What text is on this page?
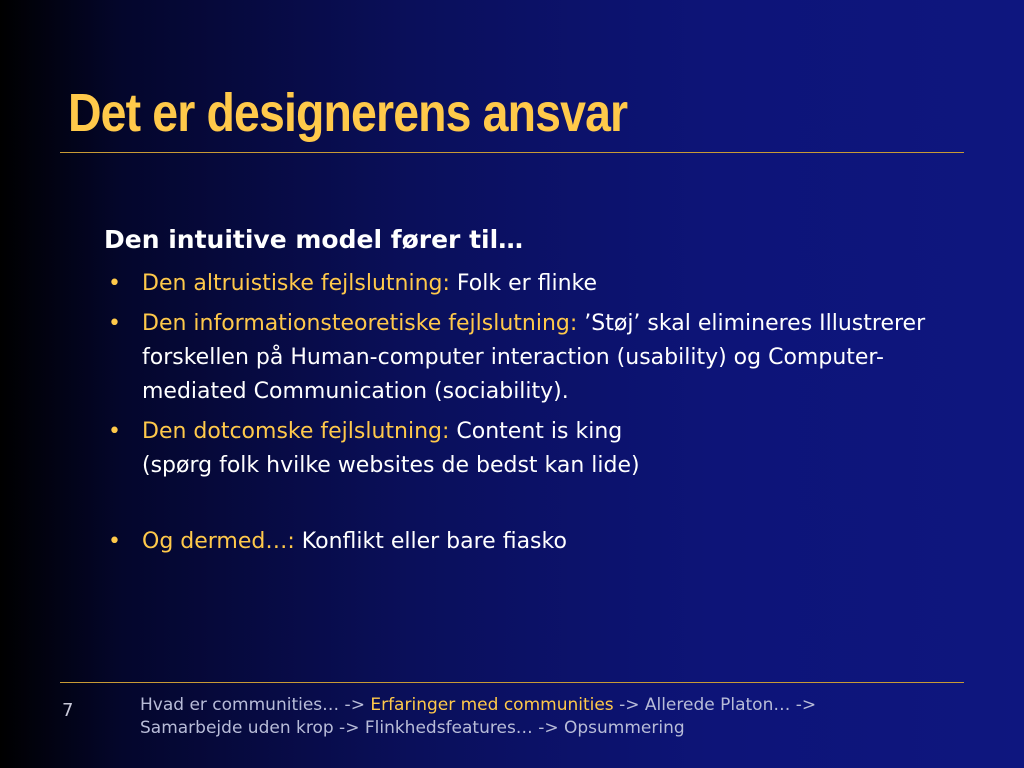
Det er designerens ansvar
Den intuitive model fører til…
• Den altruistiske fejlslutning: Folk er flinke
• Den informationsteoretiske fejlslutning: ’Støj’ skal elimineres Illustrerer forskellen på Human-computer interaction (usability) og Computer-mediated Communication (sociability).
• Den dotcomske fejlslutning: Content is king
(spørg folk hvilke websites de bedst kan lide)
• Og dermed…: Konflikt eller bare fiasko
7	Hvad er communities… -> Erfaringer med communities -> Allerede Platon… ->
Samarbejde uden krop -> Flinkhedsfeatures… -> Opsummering
